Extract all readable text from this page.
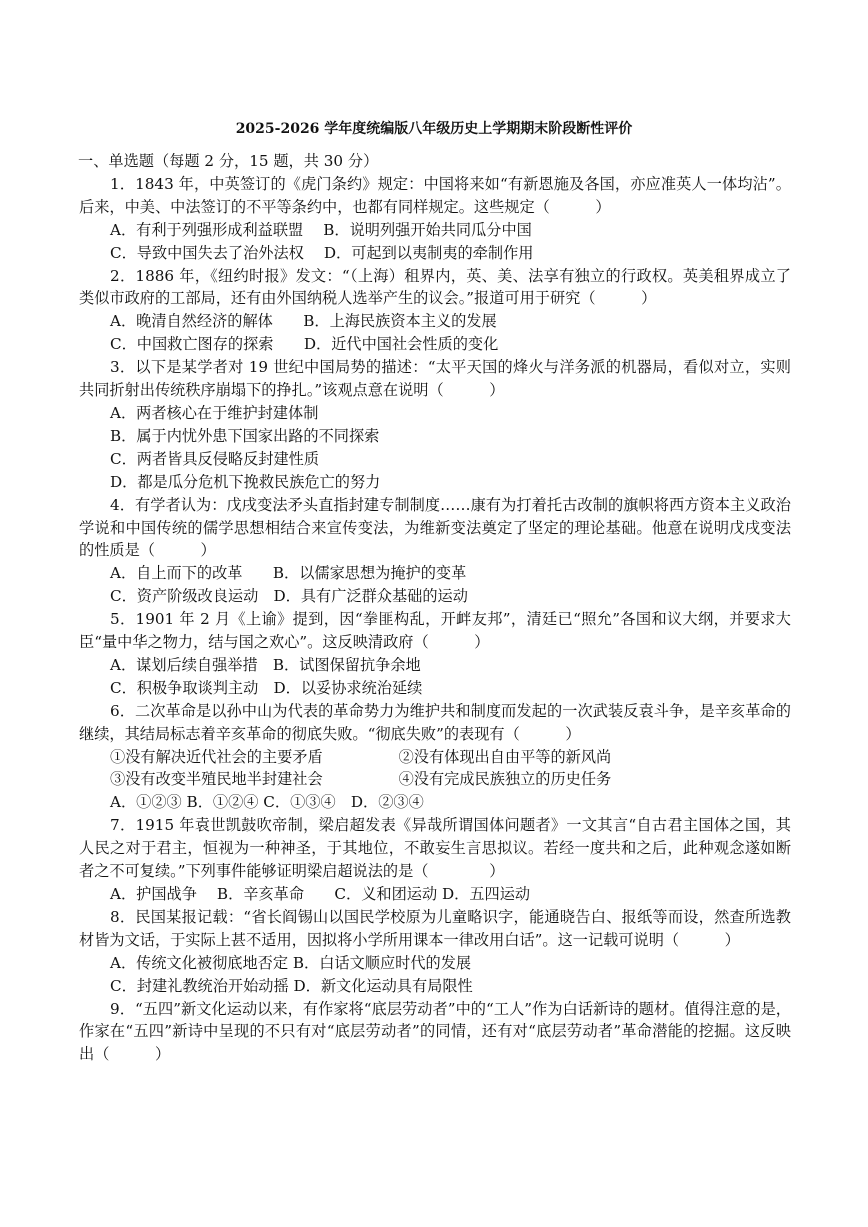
2025-2026 学年度统编版八年级历史上学期期末阶段断性评价

一、单选题（每题 2 分，15 题，共 30 分）

1．1843 年，中英签订的《虎门条约》规定：中国将来如“有新恩施及各国，亦应准英人一体均沾”。后来，中美、中法签订的不平等条约中，也都有同样规定。这些规定（　　　）

A．有利于列强形成利益联盟　 B．说明列强开始共同瓜分中国

C．导致中国失去了治外法权　 D．可起到以夷制夷的牵制作用

2．1886 年，《纽约时报》发文：“（上海）租界内，英、美、法享有独立的行政权。英美租界成立了类似市政府的工部局，还有由外国纳税人选举产生的议会。”报道可用于研究（　　　）

A．晚清自然经济的解体　　B．上海民族资本主义的发展

C．中国救亡图存的探索　　D．近代中国社会性质的变化

3．以下是某学者对 19 世纪中国局势的描述：“太平天国的烽火与洋务派的机器局，看似对立，实则共同折射出传统秩序崩塌下的挣扎。”该观点意在说明（　　　）

A．两者核心在于维护封建体制

B．属于内忧外患下国家出路的不同探索

C．两者皆具反侵略反封建性质

D．都是瓜分危机下挽救民族危亡的努力

4．有学者认为：戊戌变法矛头直指封建专制制度……康有为打着托古改制的旗帜将西方资本主义政治学说和中国传统的儒学思想相结合来宣传变法，为维新变法奠定了坚定的理论基础。他意在说明戊戌变法的性质是（　　　）

A．自上而下的改革　　B．以儒家思想为掩护的变革

C．资产阶级改良运动　D．具有广泛群众基础的运动

5．1901 年 2 月《上谕》提到，因“拳匪构乱，开衅友邦”，清廷已“照允”各国和议大纲，并要求大臣“量中华之物力，结与国之欢心”。这反映清政府（　　　）

A．谋划后续自强举措　B．试图保留抗争余地

C．积极争取谈判主动　D．以妥协求统治延续

6．二次革命是以孙中山为代表的革命势力为维护共和制度而发起的一次武装反袁斗争，是辛亥革命的继续，其结局标志着辛亥革命的彻底失败。“彻底失败”的表现有（　　　）

①没有解决近代社会的主要矛盾　　　　　②没有体现出自由平等的新风尚

③没有改变半殖民地半封建社会　　　　　④没有完成民族独立的历史任务

A．①②③ B．①②④ C．①③④　D．②③④

7．1915 年袁世凯鼓吹帝制，梁启超发表《异哉所谓国体问题者》一文其言“自古君主国体之国，其人民之对于君主，恒视为一种神圣，于其地位，不敢妄生言思拟议。若经一度共和之后，此种观念遂如断者之不可复续。”下列事件能够证明梁启超说法的是（　　　　）

A．护国战争　 B．辛亥革命　　C．义和团运动 D．五四运动

8．民国某报记载：“省长阎锡山以国民学校原为儿童略识字，能通晓告白、报纸等而设，然查所选教材皆为文话，于实际上甚不适用，因拟将小学所用课本一律改用白话”。这一记载可说明（　　　）

A．传统文化被彻底地否定 B．白话文顺应时代的发展

C．封建礼教统治开始动摇 D．新文化运动具有局限性

9．“五四”新文化运动以来，有作家将“底层劳动者”中的“工人”作为白话新诗的题材。值得注意的是，作家在“五四”新诗中呈现的不只有对“底层劳动者”的同情，还有对“底层劳动者”革命潜能的挖掘。这反映出（　　　）
